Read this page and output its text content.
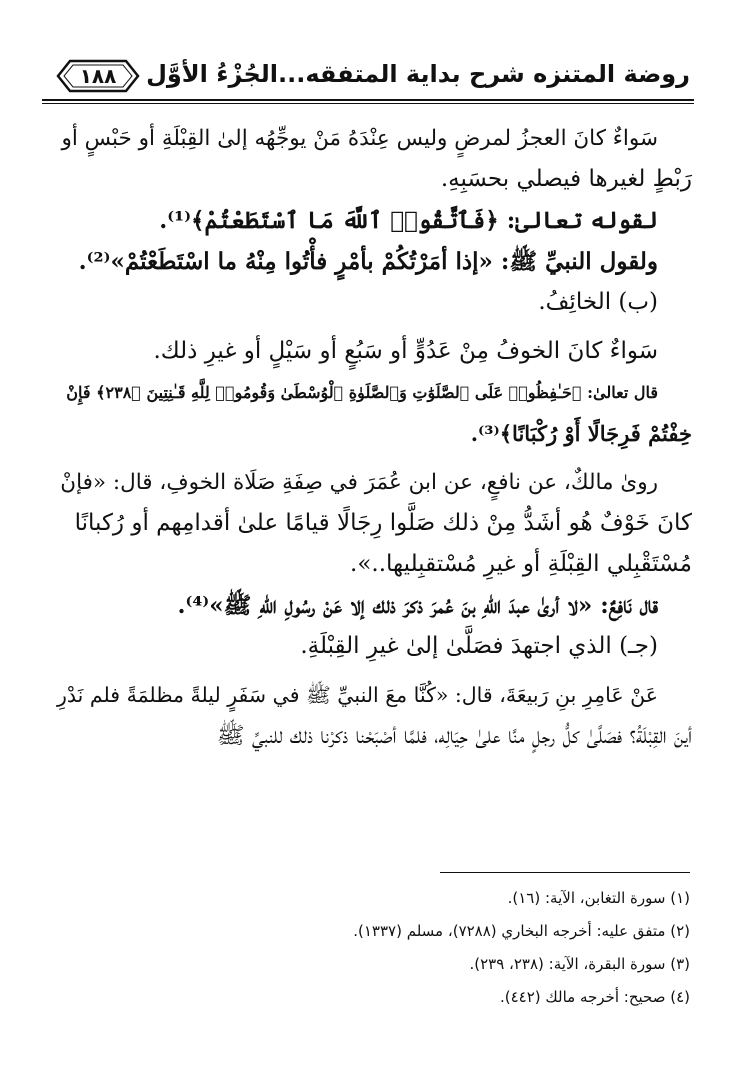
١٨٨	روضة المتنزه شرح بداية المتفقه...الجُزْءُ الأوَّل
سَواءٌ كانَ العجزُ لمرضٍ وليس عِنْدَهُ مَنْ يوجِّهُه إلىٰ القِبْلَةِ أو حَبْسٍ أو
رَبْطٍ لغيرها فيصلي بحسَبِهِ.
لقوله تعالىٰ: ﴿فَٱتَّقُوا۟ ٱللَّهَ مَا ٱسْتَطَعْتُمْ﴾⁽¹⁾.
ولقول النبيِّ ﷺ: «إذا أمَرْتُكُمْ بأمْرٍ فأْتُوا مِنْهُ ما اسْتَطَعْتُمْ»⁽²⁾.
(ب) الخائِفُ.
سَواءٌ كانَ الخوفُ مِنْ عَدُوٍّ أو سَبُعٍ أو سَيْلٍ أو غيرِ ذلك.
قال تعالىٰ: ﴿حَـٰفِظُوا۟ عَلَى ٱلصَّلَوَٰتِ وَٱلصَّلَوٰةِ ٱلْوُسْطَىٰ وَقُومُوا۟ لِلَّهِ قَـٰنِتِينَ ﴿٢٣٨﴾ فَإِنْ
خِفْتُمْ فَرِجَالًا أَوْ رُكْبَانًا﴾⁽³⁾.
روىٰ مالكٌ، عن نافعٍ، عن ابن عُمَرَ في صِفَةِ صَلَاة الخوفِ، قال: «فإنْ
كانَ خَوْفٌ هُو أشَدُّ مِنْ ذلك صَلَّوا رِجَالًا قيامًا علىٰ أقدامِهم أو رُكبانًا
مُسْتَقْبِلي القِبْلَةِ أو غيرِ مُسْتقبِليها..».
قال نَافِعٌ: «لا أرىٰ عبدَ اللهِ بنَ عُمرَ ذكرَ ذلك إلا عَنْ رسُولِ اللهِ ﷺ»⁽⁴⁾.
(جـ) الذي اجتهدَ فصَلَّىٰ إلىٰ غيرِ القِبْلَةِ.
عَنْ عَامِرِ بنِ رَبيعَةَ، قال: «كُنَّا معَ النبيِّ ﷺ في سَفَرٍ ليلةً مظلمَةً فلم نَدْرِ
أينَ القِبْلَةُ؟ فصَلَّىٰ كلُّ رجلٍ منَّا علىٰ حِيَالِه، فلمَّا أصْبَحْنا ذكرْنا ذلك للنبيِّ ﷺ
(١) سورة التغابن، الآية: (١٦).
(٢) متفق عليه: أخرجه البخاري (٧٢٨٨)، مسلم (١٣٣٧).
(٣) سورة البقرة، الآية: (٢٣٨، ٢٣٩).
(٤) صحيح: أخرجه مالك (٤٤٢).
